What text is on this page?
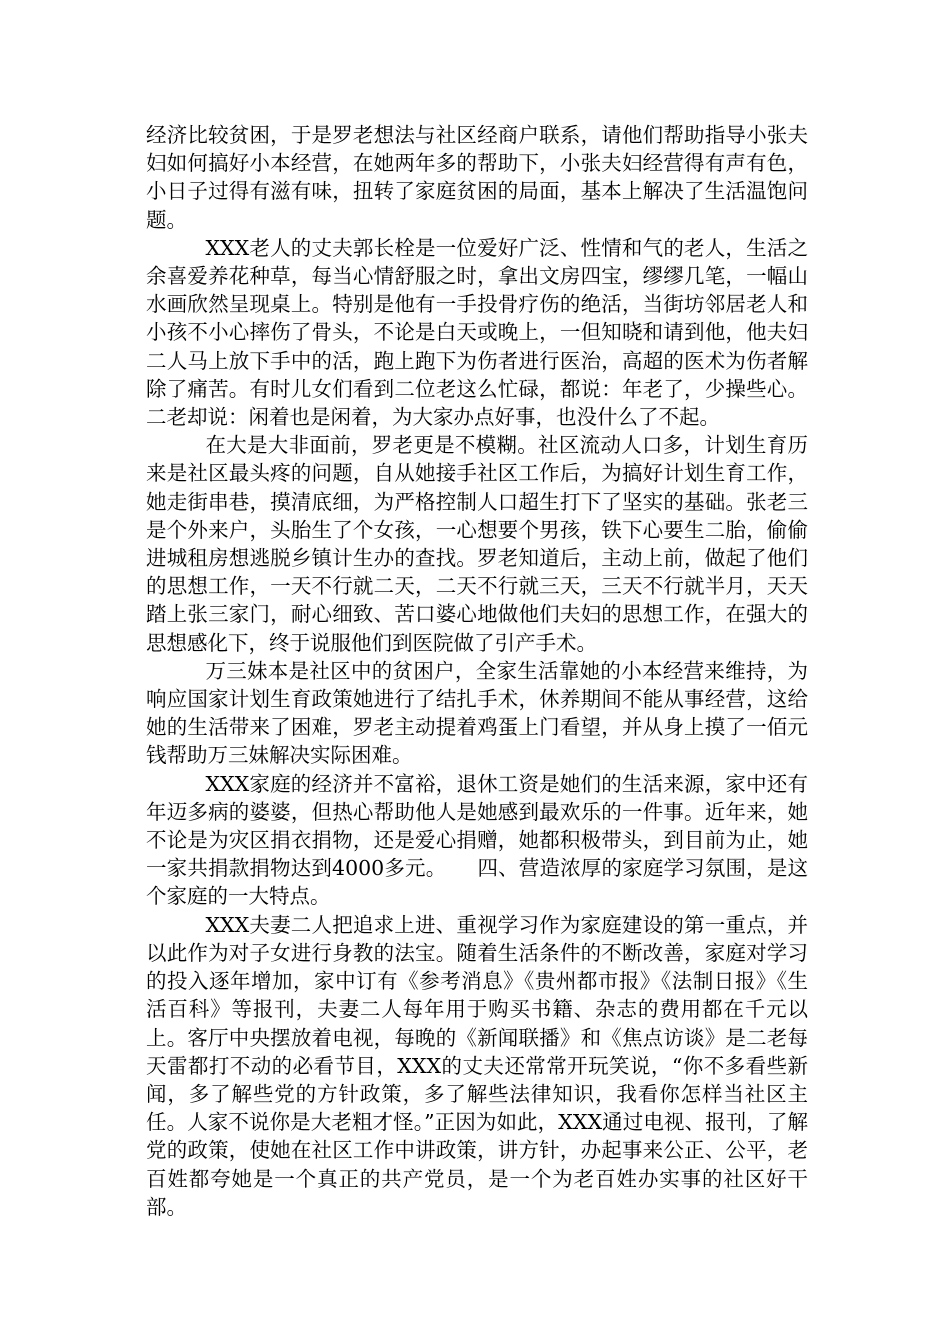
经济比较贫困，于是罗老想法与社区经商户联系，请他们帮助指导小张夫妇如何搞好小本经营，在她两年多的帮助下，小张夫妇经营得有声有色，小日子过得有滋有味，扭转了家庭贫困的局面，基本上解决了生活温饱问题。

XXX老人的丈夫郭长栓是一位爱好广泛、性情和气的老人，生活之余喜爱养花种草，每当心情舒服之时，拿出文房四宝，缪缪几笔，一幅山水画欣然呈现桌上。特别是他有一手投骨疗伤的绝活，当街坊邻居老人和小孩不小心摔伤了骨头，不论是白天或晚上，一但知晓和请到他，他夫妇二人马上放下手中的活，跑上跑下为伤者进行医治，高超的医术为伤者解除了痛苦。有时儿女们看到二位老这么忙碌，都说：年老了，少操些心。二老却说：闲着也是闲着，为大家办点好事，也没什么了不起。

在大是大非面前，罗老更是不模糊。社区流动人口多，计划生育历来是社区最头疼的问题，自从她接手社区工作后，为搞好计划生育工作，她走街串巷，摸清底细，为严格控制人口超生打下了坚实的基础。张老三是个外来户，头胎生了个女孩，一心想要个男孩，铁下心要生二胎，偷偷进城租房想逃脱乡镇计生办的查找。罗老知道后，主动上前，做起了他们的思想工作，一天不行就二天，二天不行就三天，三天不行就半月，天天踏上张三家门，耐心细致、苦口婆心地做他们夫妇的思想工作，在强大的思想感化下，终于说服他们到医院做了引产手术。

万三妹本是社区中的贫困户，全家生活靠她的小本经营来维持，为响应国家计划生育政策她进行了结扎手术，休养期间不能从事经营，这给她的生活带来了困难，罗老主动提着鸡蛋上门看望，并从身上摸了一佰元钱帮助万三妹解决实际困难。

XXX家庭的经济并不富裕，退休工资是她们的生活来源，家中还有年迈多病的婆婆，但热心帮助他人是她感到最欢乐的一件事。近年来，她不论是为灾区捐衣捐物，还是爱心捐赠，她都积极带头，到目前为止，她一家共捐款捐物达到4000多元。　　四、营造浓厚的家庭学习氛围，是这个家庭的一大特点。

XXX夫妻二人把追求上进、重视学习作为家庭建设的第一重点，并以此作为对子女进行身教的法宝。随着生活条件的不断改善，家庭对学习的投入逐年增加，家中订有《参考消息》《贵州都市报》《法制日报》《生活百科》等报刊，夫妻二人每年用于购买书籍、杂志的费用都在千元以上。客厅中央摆放着电视，每晚的《新闻联播》和《焦点访谈》是二老每天雷都打不动的必看节目，XXX的丈夫还常常开玩笑说，“你不多看些新闻，多了解些党的方针政策，多了解些法律知识，我看你怎样当社区主任。人家不说你是大老粗才怪。”正因为如此，XXX通过电视、报刊，了解党的政策，使她在社区工作中讲政策，讲方针，办起事来公正、公平，老百姓都夸她是一个真正的共产党员，是一个为老百姓办实事的社区好干部。
